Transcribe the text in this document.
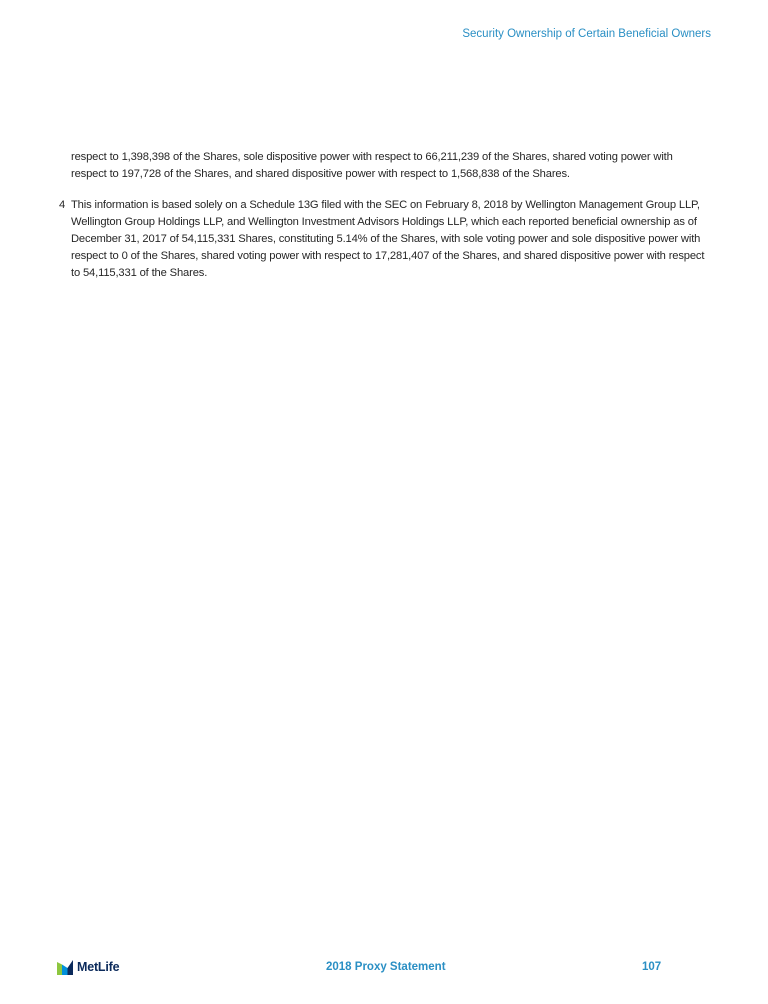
Security Ownership of Certain Beneficial Owners
respect to 1,398,398 of the Shares, sole dispositive power with respect to 66,211,239 of the Shares, shared voting power with respect to 197,728 of the Shares, and shared dispositive power with respect to 1,568,838 of the Shares.
4 This information is based solely on a Schedule 13G filed with the SEC on February 8, 2018 by Wellington Management Group LLP, Wellington Group Holdings LLP, and Wellington Investment Advisors Holdings LLP, which each reported beneficial ownership as of December 31, 2017 of 54,115,331 Shares, constituting 5.14% of the Shares, with sole voting power and sole dispositive power with respect to 0 of the Shares, shared voting power with respect to 17,281,407 of the Shares, and shared dispositive power with respect to 54,115,331 of the Shares.
MetLife	2018 Proxy Statement	107
